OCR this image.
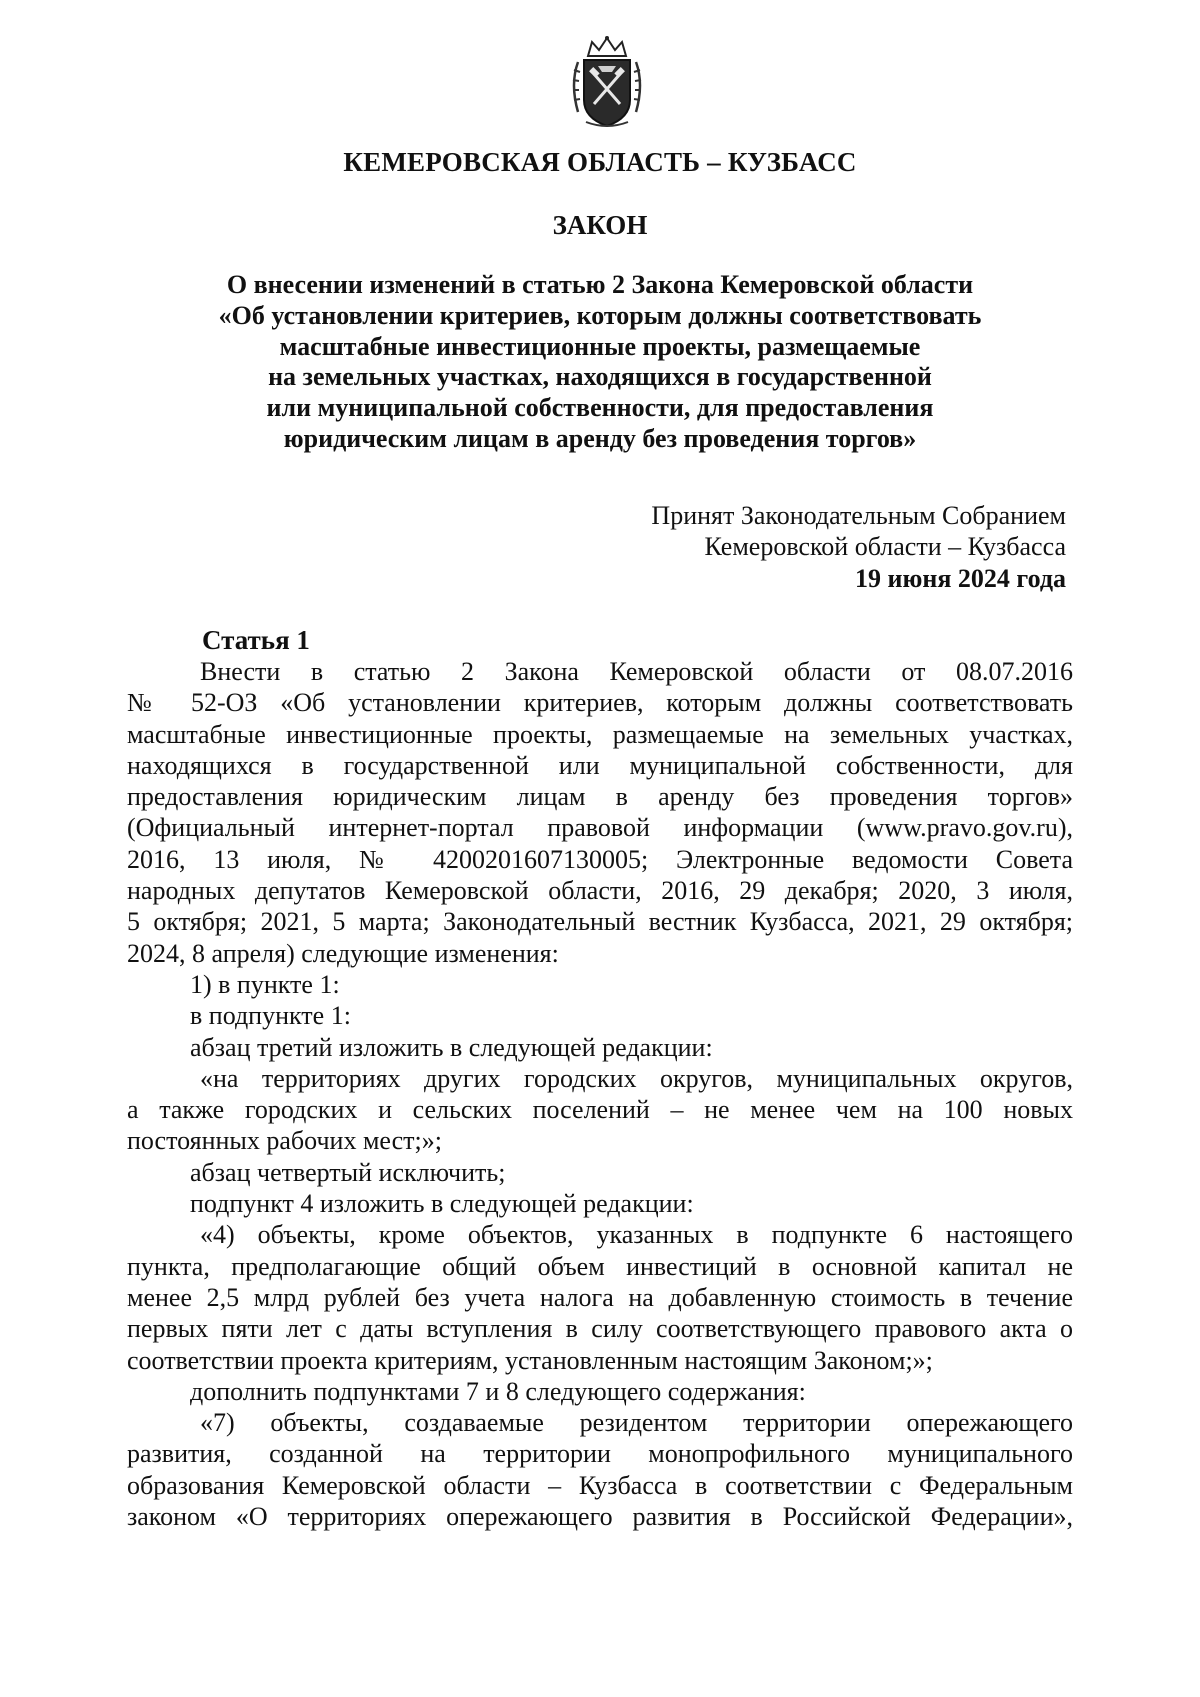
КЕМЕРОВСКАЯ ОБЛАСТЬ – КУЗБАСС
ЗАКОН
О внесении изменений в статью 2 Закона Кемеровской области
«Об установлении критериев, которым должны соответствовать
масштабные инвестиционные проекты, размещаемые
на земельных участках, находящихся в государственной
или муниципальной собственности, для предоставления
юридическим лицам в аренду без проведения торгов»
Принят Законодательным Собранием
Кемеровской области – Кузбасса
19 июня 2024 года
Статья 1

Внести в статью 2 Закона Кемеровской области от 08.07.2016

№ 52-ОЗ «Об установлении критериев, которым должны соответствовать

масштабные инвестиционные проекты, размещаемые на земельных участках,

находящихся в государственной или муниципальной собственности, для

предоставления юридическим лицам в аренду без проведения торгов»

(Официальный интернет-портал правовой информации (www.pravo.gov.ru),

2016, 13 июля, № 4200201607130005; Электронные ведомости Совета

народных депутатов Кемеровской области, 2016, 29 декабря; 2020, 3 июля,

5 октября; 2021, 5 марта; Законодательный вестник Кузбасса, 2021, 29 октября;

2024, 8 апреля) следующие изменения:

1) в пункте 1:

в подпункте 1:

абзац третий изложить в следующей редакции:

«на территориях других городских округов, муниципальных округов,

а также городских и сельских поселений – не менее чем на 100 новых

постоянных рабочих мест;»;

абзац четвертый исключить;

подпункт 4 изложить в следующей редакции:

«4) объекты, кроме объектов, указанных в подпункте 6 настоящего

пункта, предполагающие общий объем инвестиций в основной капитал не

менее 2,5 млрд рублей без учета налога на добавленную стоимость в течение

первых пяти лет с даты вступления в силу соответствующего правового акта о

соответствии проекта критериям, установленным настоящим Законом;»;

дополнить подпунктами 7 и 8 следующего содержания:

«7) объекты, создаваемые резидентом территории опережающего

развития, созданной на территории монопрофильного муниципального

образования Кемеровской области – Кузбасса в соответствии с Федеральным

законом «О территориях опережающего развития в Российской Федерации»,
